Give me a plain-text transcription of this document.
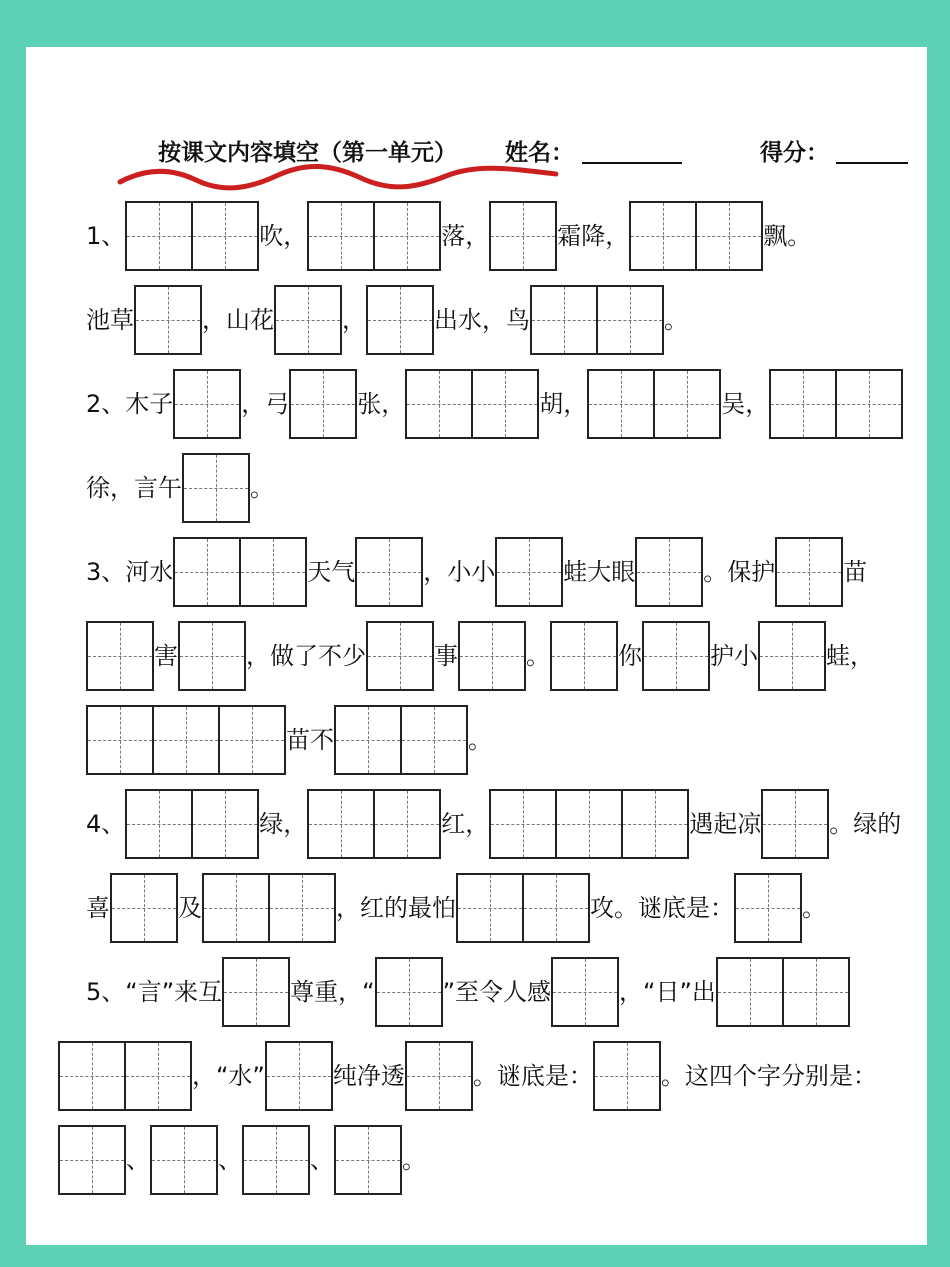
按课文内容填空（第一单元） 姓名：	得分：
1、	吹，	落，	霜降，	飘。
池草	，山花	，	出水，鸟	。
2、木子	，弓	张，	胡，	吴，
徐，言午	。
3、河水	天气	，小小	蛙大眼	。保护	苗
害	，做了不少	事	。	你	护小	蛙，
苗不	。
4、	绿，	红，	遇起凉	。绿的
喜	及	，红的最怕	攻。谜底是：	。
5、“言”来互	尊重，“	”至令人感	，“日”出
，“水”	纯净透	。谜底是：	。这四个字分别是：
、	、	、	。
